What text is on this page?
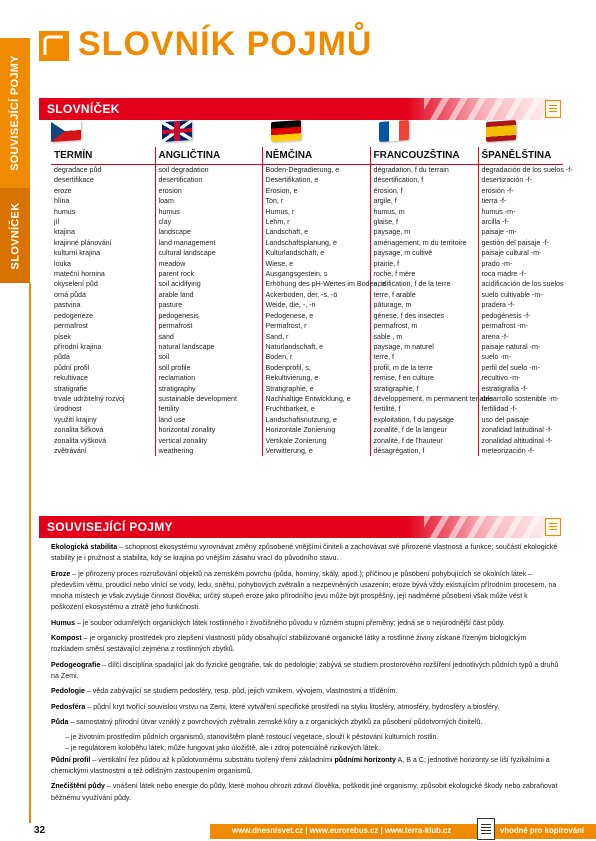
SOUVISEJÍCÍ POJMY
SLOVNÍČEK
SLOVNÍK POJMŮ
SLOVNÍČEK
TERMÍN	ANGLIČTINA	NĚMČINA	FRANCOUZŠTINA	ŠPANĚLŠTINA
degradace půd	soil degradation	Boden-Degradierung, e	dégradation, f du terrain	degradación de los suelos -f-
desertifikace	desertification	Desertifikation, e	désertification, f	desertización -f-
eroze	erosion	Erosion, e	érosion, f	erosión -f-
hlína	loam	Ton, r	argile, f	tierra -f-
humus	humus	Humus, r	humus, m	humus -m-
jíl	clay	Lehm, r	glaise, f	arcilla -f-
krajina	landscape	Landschaft, e	paysage, m	paisaje -m-
krajinné plánování	land management	Landschaftsplanung, e	aménagement, m du territoire	gestión del paisaje -f-
kulturní krajina	cultural landscape	Kulturlandschaft, e	paysage, m cultivé	paisaje cultural -m-
louka	meadow	Wiese, e	prairie, f	prado -m-
mateční hornina	parent rock	Ausgangsgestein, s	roche, f mère	roca madre -f-
okyselení půd	soil acidifying	Erhöhung des pH-Wertes im Boden, e	acidification, f de la terre	acidificación de los suelos
orná půda	arable land	Ackerboden, der, -s, -ö	terre, f arable	suelo cultivable -m-
pastvina	pasture	Weide, die, -, -n	pâturage, m	pradera -f-
pedogeneze	pedogenesis	Pedogenese, e	génese, f des insectes	pedogénesis -f-
permafrost	permafrost	Permafrost, r	permafrost, m	permafrost -m-
písek	sand	Sand, r	sable , m	arena -f-
přírodní krajina	natural landscape	Naturlandschaft, e	paysage, m naturel	paisaje natural -m-
půda	soil	Boden, r	terre, f	suelo -m-
půdní profil	soil profile	Bodenprofil, s,	profil, m de la terre	perfil del suelo -m-
rekultivace	reclamation	Rekultivierung, e	remise, f en culture	recultivo -m-
stratigrafie	stratigraphy	Stratigraphie, e	stratigraphie, f	estratigrafía -f-
trvale udržitelný rozvoj	sustainable development	Nachhaltige Entwicklung, e	développement, m permanent tenable	desarrollo sostenible -m-
úrodnost	fertility	Fruchtbarkeit, e	fertilité, f	fertilidad -f-
využití krajiny	land use	Landschaftsnutzung, e	exploitation, f du paysage	uso del paisaje
zonalita šířková	horizontal zonality	Horizontale Zonierung	zonalité, f de la langeur	zonalidad latitudinal -f-
zonalita výšková	vertical zonality	Vertikale Zonierung	zonalité, f de l'hauteur	zonalidad altitudinal -f-
zvětrávání	weathering	Verwitterung, e	désagrégation, f	meteorización -f-
SOUVISEJÍCÍ POJMY

Ekologická stabilita – schopnost ekosystému vyrovnávat změny způsobené vnějšími činiteli a zachovávat své přirozené vlastnosti a funkce; součástí ekologické stability je i pružnost a stabilita, kdy se krajina po vnějším zásahu vrací do původního stavu.

Eroze – je přirozený proces rozrušování objektů na zemském povrchu (půda, horniny, skály, apod.); příčinou je působení pohybujících se okolních látek – především větru, proudící nebo vlnící se vody, ledu, sněhu, pohybových zvětralin a nezpevněných usazenin; eroze bývá vždy existujícím přírodním procesem, na mnoha místech je však zvyšuje činnost člověka; určitý stupeň eroze jako přírodního jevu může být prospěšný, její nadměrné působení však může vést k poškození ekosystému a ztrátě jeho funkčnosti.

Humus – je soubor odumřelých organických látek rostlinného i živočišného původu v různém stupni přeměny; jedná se o nejúrodnější část půdy.

Kompost – je organický prostředek pro zlepšení vlastností půdy obsahující stabilizované organické látky a rostlinné živiny získané řízeným biologickým rozkladem směsí sestávající zejména z rostlinných zbytků.

Pedogeografie – dílčí disciplína spadající jak do fyzické geografie, tak do pedologie; zabývá se studiem prostorového rozšíření jednotlivých půdních typů a druhů na Zemi.

Pedologie – věda zabývající se studiem pedosféry, resp. půd, jejich vznikem, vývojem, vlastnostmi a tříděním.

Pedosféra – půdní kryt tvořící souvislou vrstvu na Zemi, které vytváření specifické prostředí na styku litosféry, atmosféry, hydrosféry a biosféry.

Půda – samostatný přírodní útvar vzniklý z povrchových zvětralin zemské kůry a z organických zbytků za působení půdotvorných činitelů.

– je životním prostředím půdních organismů, stanovištěm planě rostoucí vegetace, slouží k pěstování kulturních rostlin.

– je regulátorem koloběhu látek, může fungovat jako úložiště, ale i zdroj potenciálně rizikových látek.

Půdní profil – vertikální řez půdou až k půdotvornému substrátu tvořený třemi základními půdními horizonty A, B a C; jednotlivé horizonty se liší fyzikálními a chemickými vlastnostmi a též odlišným zastoupením organismů.

Znečištění půdy – vnášení látek nebo energie do půdy, které mohou ohrozit zdraví člověka, poškodit jiné organismy, způsobit ekologické škody nebo zabraňovat běžnému využívání půdy.

32	www.dnesnisvet.cz | www.eurorebus.cz | www.terra-klub.cz	vhodné pro kopírování
